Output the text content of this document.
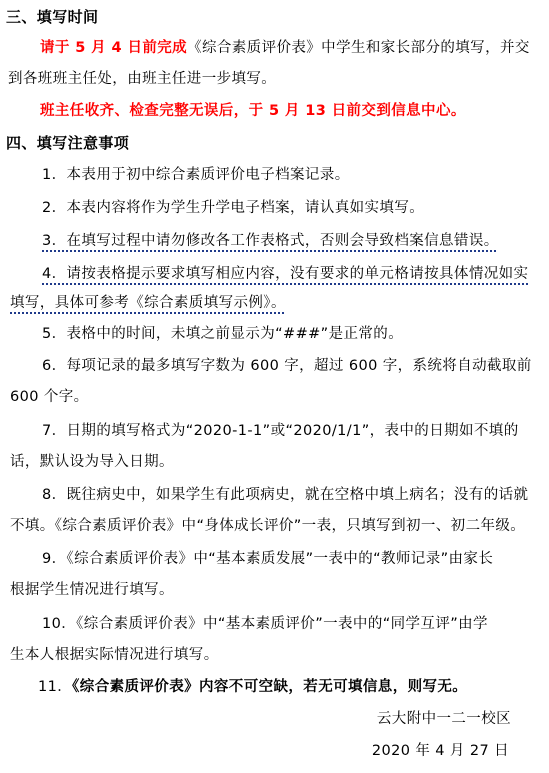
三、填写时间
请于 5 月 4 日前完成《综合素质评价表》中学生和家长部分的填写，并交
到各班班主任处，由班主任进一步填写。
班主任收齐、检查完整无误后，于 5 月 13 日前交到信息中心。
四、填写注意事项
1．本表用于初中综合素质评价电子档案记录。
2．本表内容将作为学生升学电子档案，请认真如实填写。
3．在填写过程中请勿修改各工作表格式，否则会导致档案信息错误。
4．请按表格提示要求填写相应内容，没有要求的单元格请按具体情况如实
填写，具体可参考《综合素质填写示例》。
5．表格中的时间，未填之前显示为“###”是正常的。
6．每项记录的最多填写字数为 600 字，超过 600 字，系统将自动截取前
600 个字。
7．日期的填写格式为“2020-1-1”或“2020/1/1”，表中的日期如不填的
话，默认设为导入日期。
8．既往病史中，如果学生有此项病史，就在空格中填上病名；没有的话就
不填。《综合素质评价表》中“身体成长评价”一表，只填写到初一、初二年级。
9．《综合素质评价表》中“基本素质发展”一表中的“教师记录”由家长
根据学生情况进行填写。
10．《综合素质评价表》中“基本素质评价”一表中的“同学互评”由学
生本人根据实际情况进行填写。
11．《综合素质评价表》内容不可空缺，若无可填信息，则写无。
云大附中一二一校区
2020 年 4 月 27 日
